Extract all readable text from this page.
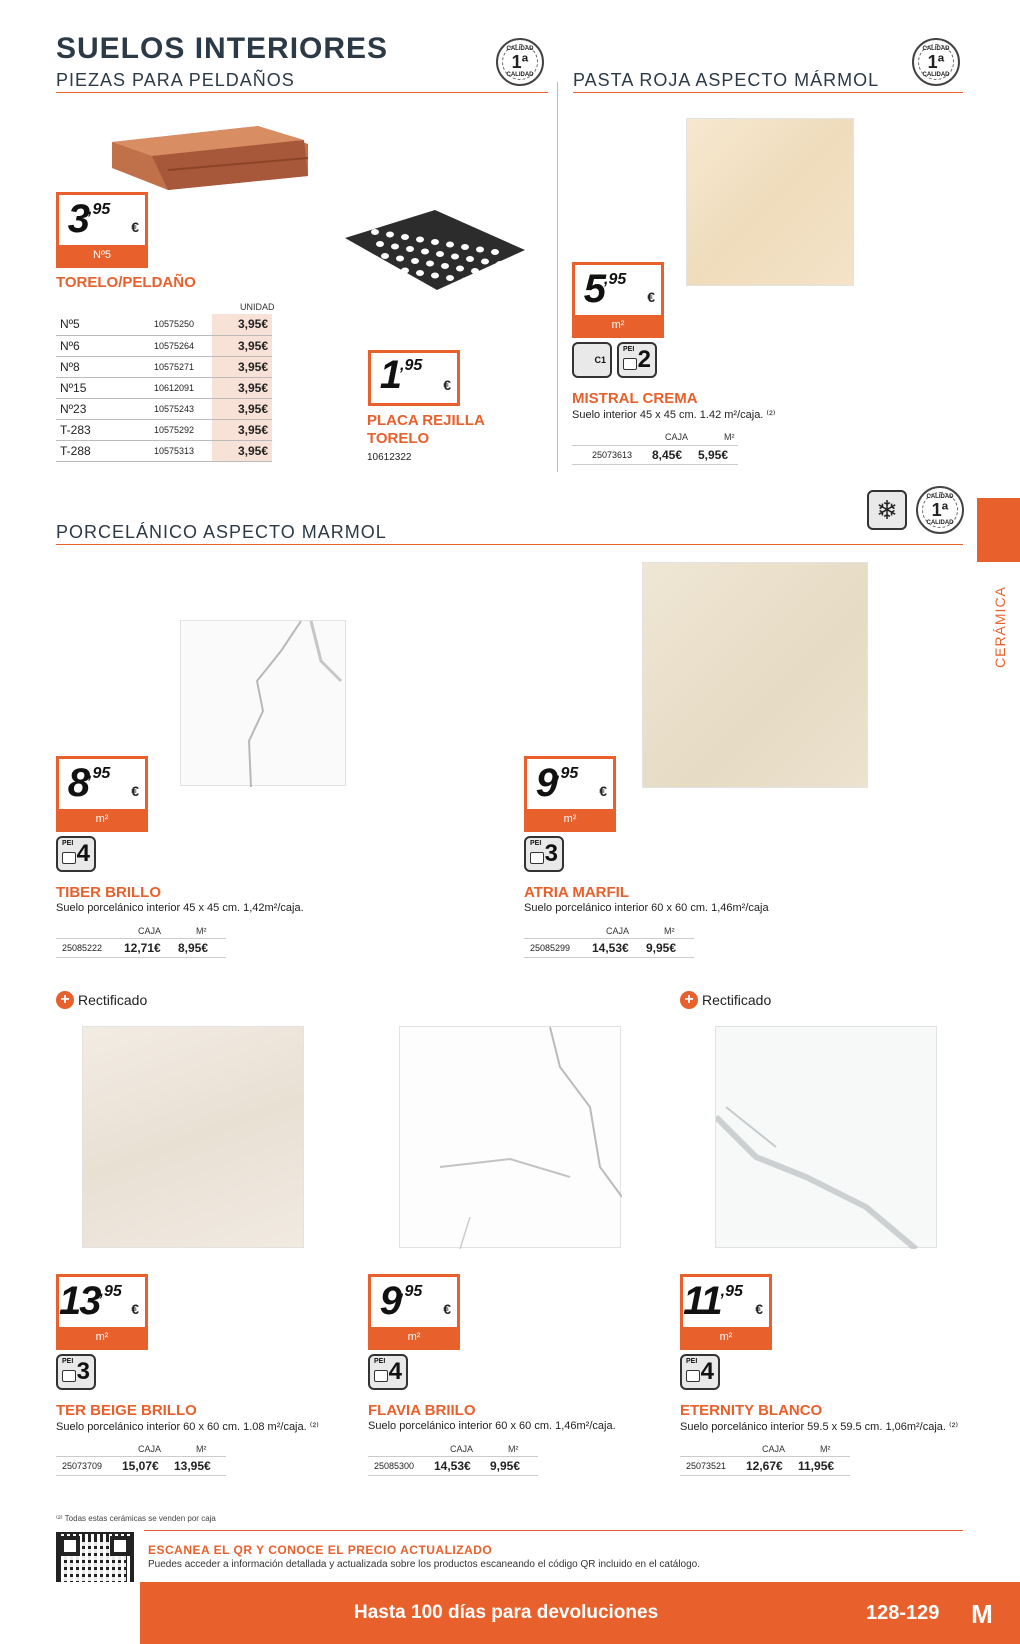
SUELOS INTERIORES
PIEZAS PARA PELDAÑOS	PASTA ROJA ASPECTO MÁRMOL
CALIDAD
1ª
CALIDAD
CALIDAD
1ª
CALIDAD
$3^{,95}$
€
Nº5
TORELO/PELDAÑO
UNIDAD
Nº5	10575250	3,95€
Nº6	10575264	3,95€
Nº8	10575271	3,95€
Nº15	10612091	3,95€
Nº23	10575243	3,95€
T-283	10575292	3,95€
T-288	10575313	3,95€
$1^{,95}$
€
PLACA REJILLA
TORELO
10612322
$5^{,95}$
€
m²
C1
PEI 2
MISTRAL CREMA
Suelo interior 45 x 45 cm. 1.42 m²/caja. ⁽²⁾
CAJA	M²
25073613 8,45€ 5,95€
❄	CALIDAD
1ª
CALIDAD
PORCELÁNICO ASPECTO MARMOL
CERÁMICA
$8^{,95}$
€
m²
PEI 4
TIBER BRILLO
Suelo porcelánico interior 45 x 45 cm. 1,42m²/caja.
CAJA	M²
25085222 12,71€ 8,95€
$9^{,95}$
€
m²
PEI 3
ATRIA MARFIL
Suelo porcelánico interior 60 x 60 cm. 1,46m²/caja
CAJA	M²
25085299 14,53€ 9,95€
+ Rectificado	+ Rectificado
$13^{,95}$
€
m²
PEI 3
TER BEIGE BRILLO
Suelo porcelánico interior 60 x 60 cm. 1.08 m²/caja. ⁽²⁾
CAJA	M²
25073709 15,07€ 13,95€
$9^{,95}$
€
m²
PEI 4
FLAVIA BRIILO
Suelo porcelánico interior 60 x 60 cm. 1,46m²/caja.
CAJA	M²
25085300 14,53€ 9,95€
$11^{,95}$
€
m²
PEI 4
ETERNITY BLANCO
Suelo porcelánico interior 59.5 x 59.5 cm. 1,06m²/caja. ⁽²⁾
CAJA	M²
25073521 12,67€ 11,95€
⁽²⁾ Todas estas cerámicas se venden por caja
ESCANEA EL QR Y CONOCE EL PRECIO ACTUALIZADO
Puedes acceder a información detallada y actualizada sobre los productos escaneando el código QR incluido en el catálogo.
Hasta 100 días para devoluciones	128-129 M
